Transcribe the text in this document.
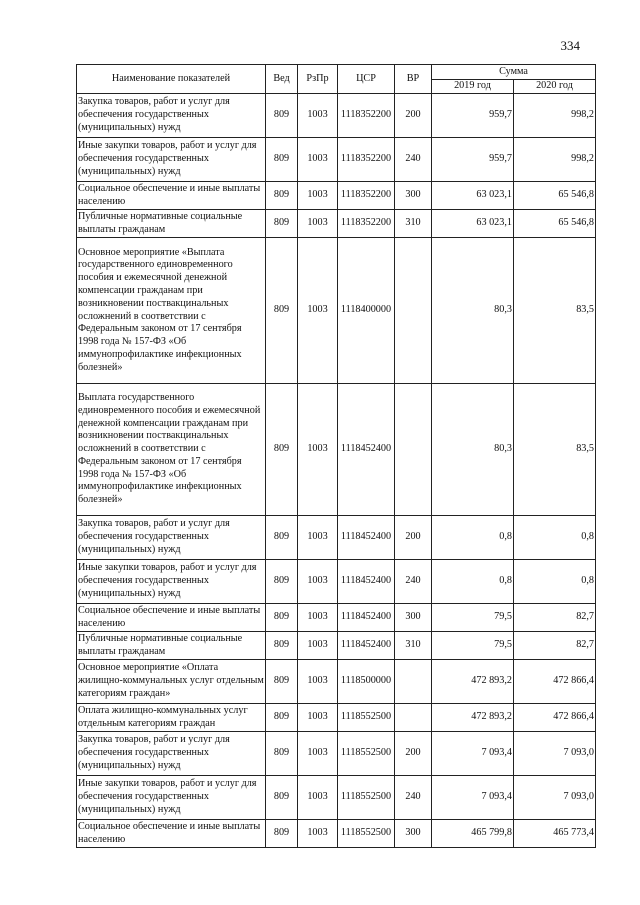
334
Наименование показателей	Вед	РзПр	ЦСР	ВР	Сумма	
					2019 год	2020 год
Закупка товаров, работ и услуг для обеспечения государственных (муниципальных) нужд	809	1003	1118352200	200	959,7	998,2
Иные закупки товаров, работ и услуг для обеспечения государственных (муниципальных) нужд	809	1003	1118352200	240	959,7	998,2
Социальное обеспечение и иные выплаты населению	809	1003	1118352200	300	63 023,1	65 546,8
Публичные нормативные социальные выплаты гражданам	809	1003	1118352200	310	63 023,1	65 546,8
Основное мероприятие «Выплата государственного единовременного пособия и ежемесячной денежной компенсации гражданам при возникновении поствакцинальных осложнений в соответствии с Федеральным законом от 17 сентября 1998 года № 157-ФЗ «Об иммунопрофилактике инфекционных болезней»	809	1003	1118400000		80,3	83,5
Выплата государственного единовременного пособия и ежемесячной денежной компенсации гражданам при возникновении поствакцинальных осложнений в соответствии с Федеральным законом от 17 сентября 1998 года № 157-ФЗ «Об иммунопрофилактике инфекционных болезней»	809	1003	1118452400		80,3	83,5
Закупка товаров, работ и услуг для обеспечения государственных (муниципальных) нужд	809	1003	1118452400	200	0,8	0,8
Иные закупки товаров, работ и услуг для обеспечения государственных (муниципальных) нужд	809	1003	1118452400	240	0,8	0,8
Социальное обеспечение и иные выплаты населению	809	1003	1118452400	300	79,5	82,7
Публичные нормативные социальные выплаты гражданам	809	1003	1118452400	310	79,5	82,7
Основное мероприятие «Оплата жилищно-коммунальных услуг отдельным категориям граждан»	809	1003	1118500000		472 893,2	472 866,4
Оплата жилищно-коммунальных услуг отдельным категориям граждан	809	1003	1118552500		472 893,2	472 866,4
Закупка товаров, работ и услуг для обеспечения государственных (муниципальных) нужд	809	1003	1118552500	200	7 093,4	7 093,0
Иные закупки товаров, работ и услуг для обеспечения государственных (муниципальных) нужд	809	1003	1118552500	240	7 093,4	7 093,0
Социальное обеспечение и иные выплаты населению	809	1003	1118552500	300	465 799,8	465 773,4
